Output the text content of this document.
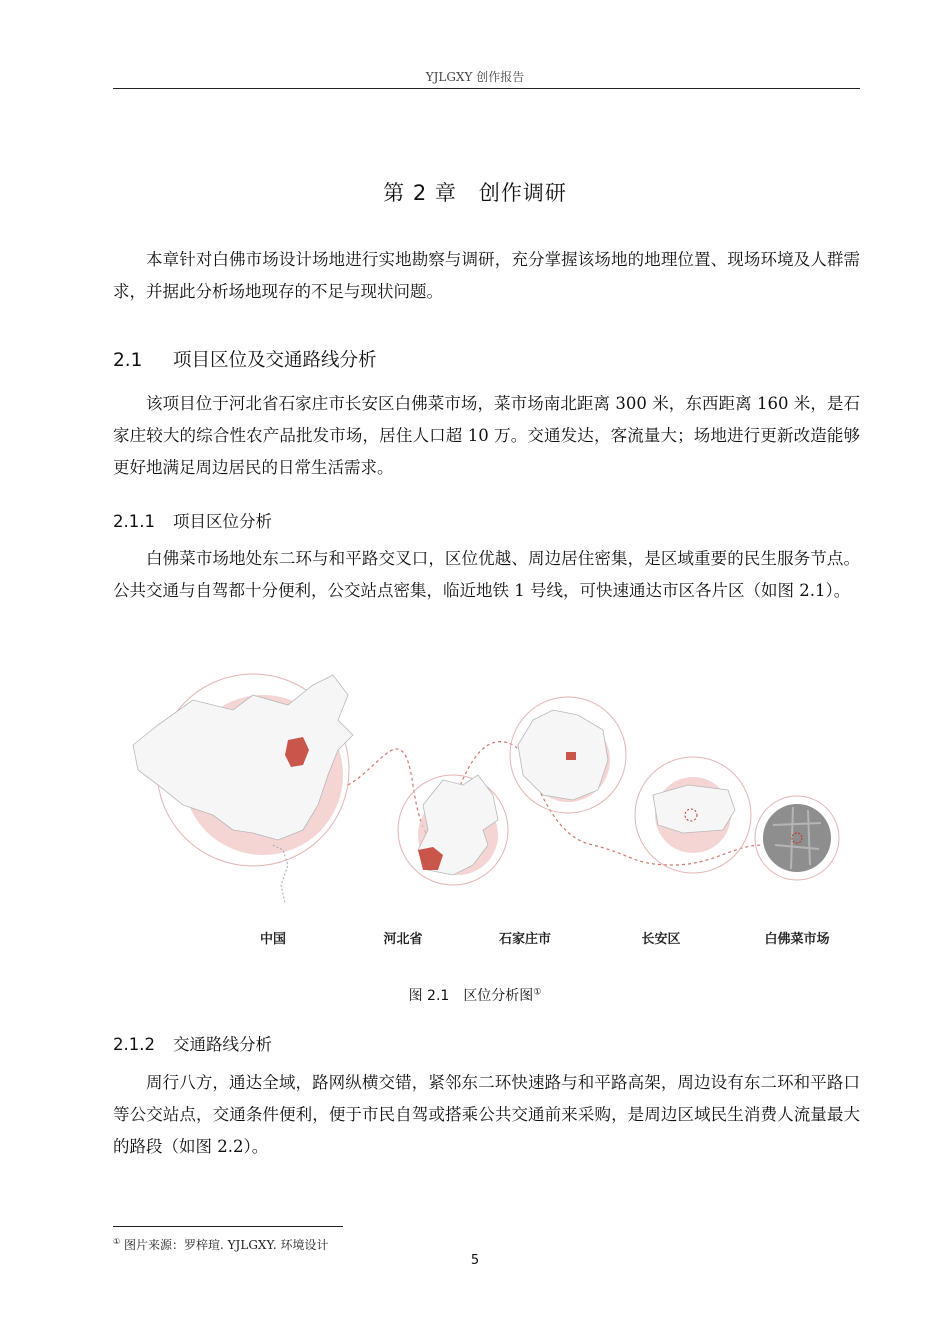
YJLGXY 创作报告
第 2 章　创作调研
本章针对白佛市场设计场地进行实地勘察与调研，充分掌握该场地的地理位置、现场环境及人群需求，并据此分析场地现存的不足与现状问题。
2.1 项目区位及交通路线分析
该项目位于河北省石家庄市长安区白佛菜市场，菜市场南北距离 300 米，东西距离 160 米，是石家庄较大的综合性农产品批发市场，居住人口超 10 万。交通发达，客流量大；场地进行更新改造能够更好地满足周边居民的日常生活需求。
2.1.1 项目区位分析
白佛菜市场地处东二环与和平路交叉口，区位优越、周边居住密集，是区域重要的民生服务节点。公共交通与自驾都十分便利，公交站点密集，临近地铁 1 号线，可快速通达市区各片区（如图 2.1）。
中国	河北省	石家庄市	长安区	白佛菜市场
图 2.1  区位分析图①
2.1.2 交通路线分析
周行八方，通达全域，路网纵横交错，紧邻东二环快速路与和平路高架，周边设有东二环和平路口等公交站点，交通条件便利，便于市民自驾或搭乘公共交通前来采购，是周边区域民生消费人流量最大的路段（如图 2.2）。
① 图片来源：罗梓瑄. YJLGXY. 环境设计
5
